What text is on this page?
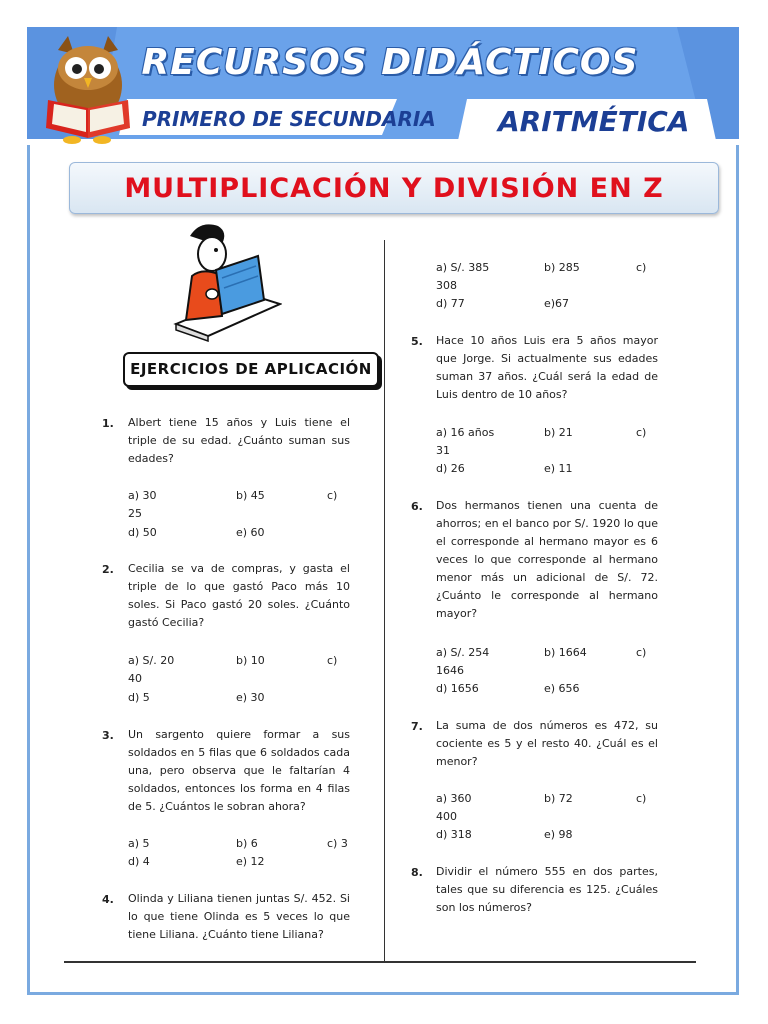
RECURSOS DIDÁCTICOS
PRIMERO DE SECUNDARIA ARITMÉTICA
MULTIPLICACIÓN Y DIVISIÓN EN Z
EJERCICIOS DE APLICACIÓN
1.	Albert tiene 15 años y Luis tiene el triple de su edad. ¿Cuánto suman sus edades?
a) 30	b) 45	c)
25
d) 50	e) 60
2.	Cecilia se va de compras, y gasta el triple de lo que gastó Paco más 10 soles. Si Paco gastó 20 soles. ¿Cuánto gastó Cecilia?
a) S/. 20	b) 10	c)
40
d) 5	e) 30
3.	Un sargento quiere formar a sus soldados en 5 filas que 6 soldados cada una, pero observa que le faltarían 4 soldados, entonces los forma en 4 filas de 5. ¿Cuántos le sobran ahora?
a) 5	b) 6	c) 3
d) 4	e) 12
4.	Olinda y Liliana tienen juntas S/. 452. Si lo que tiene Olinda es 5 veces lo que tiene Liliana. ¿Cuánto tiene Liliana?
a) S/. 385	b) 285	c)
308
d) 77	e)67
5.	Hace 10 años Luis era 5 años mayor que Jorge. Si actualmente sus edades suman 37 años. ¿Cuál será la edad de Luis dentro de 10 años?
a) 16 años	b) 21	c)
31
d) 26	e) 11
6.	Dos hermanos tienen una cuenta de ahorros; en el banco por S/. 1920 lo que el corresponde al hermano mayor es 6 veces lo que corresponde al hermano menor más un adicional de S/. 72. ¿Cuánto le corresponde al hermano mayor?
a) S/. 254	b) 1664	c)
1646
d) 1656	e) 656
7.	La suma de dos números es 472, su cociente es 5 y el resto 40. ¿Cuál es el menor?
a) 360	b) 72	c)
400
d) 318	e) 98
8.	Dividir el número 555 en dos partes, tales que su diferencia es 125. ¿Cuáles son los números?
